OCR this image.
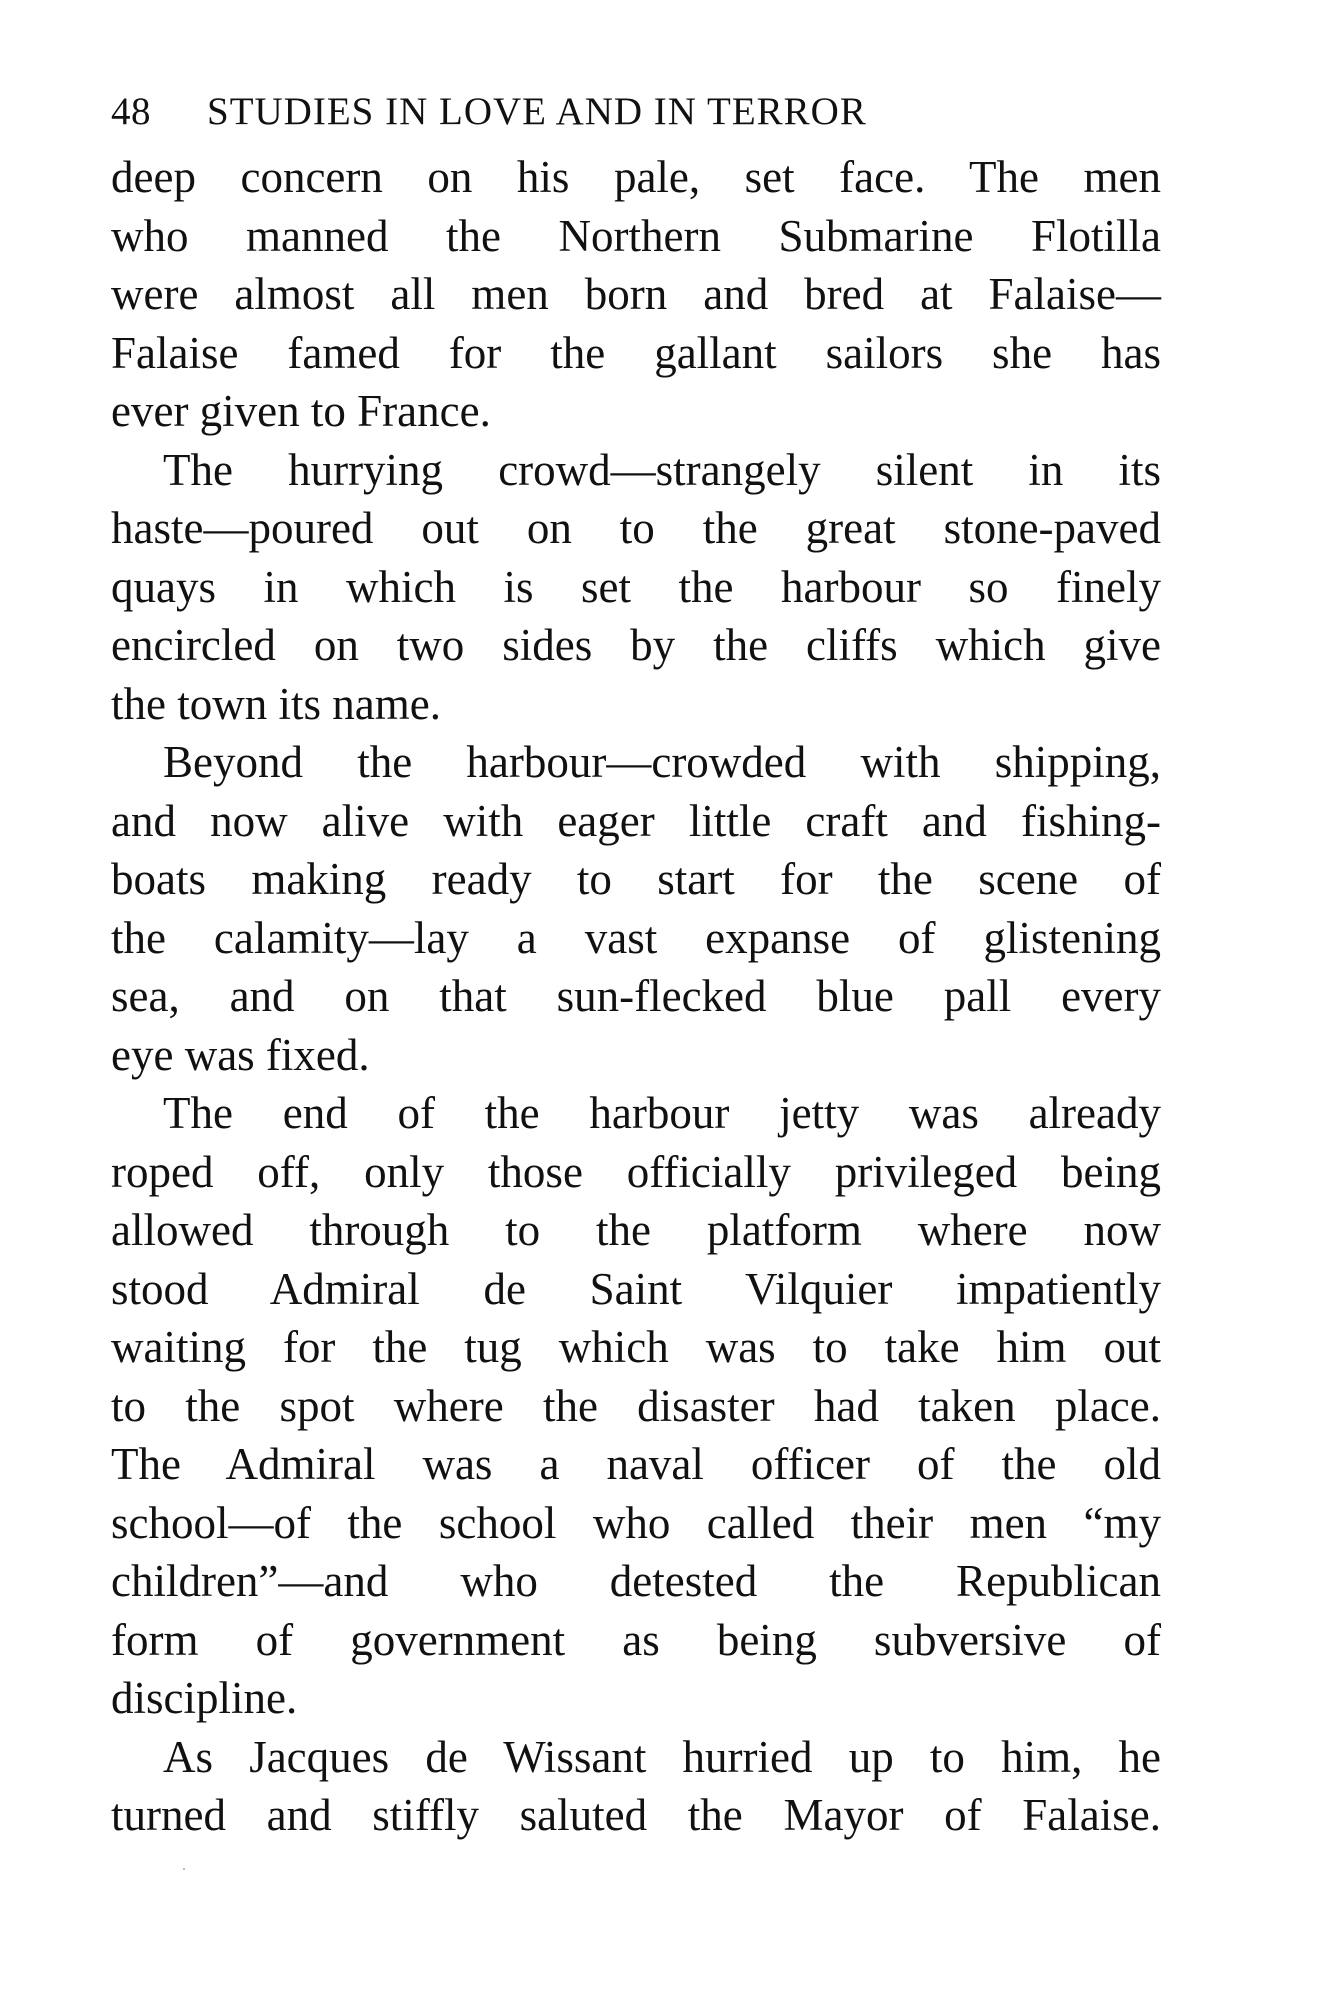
48	STUDIES IN LOVE AND IN TERROR
deep concern on his pale, set face. The men
who manned the Northern Submarine Flotilla
were almost all men born and bred at Falaise—
Falaise famed for the gallant sailors she has
ever given to France.
The hurrying crowd—strangely silent in its
haste—poured out on to the great stone-paved
quays in which is set the harbour so finely
encircled on two sides by the cliffs which give
the town its name.
Beyond the harbour—crowded with shipping,
and now alive with eager little craft and fishing-
boats making ready to start for the scene of
the calamity—lay a vast expanse of glistening
sea, and on that sun-flecked blue pall every
eye was fixed.
The end of the harbour jetty was already
roped off, only those officially privileged being
allowed through to the platform where now
stood Admiral de Saint Vilquier impatiently
waiting for the tug which was to take him out
to the spot where the disaster had taken place.
The Admiral was a naval officer of the old
school—of the school who called their men “my
children”—and who detested the Republican
form of government as being subversive of
discipline.
As Jacques de Wissant hurried up to him, he
turned and stiffly saluted the Mayor of Falaise.
